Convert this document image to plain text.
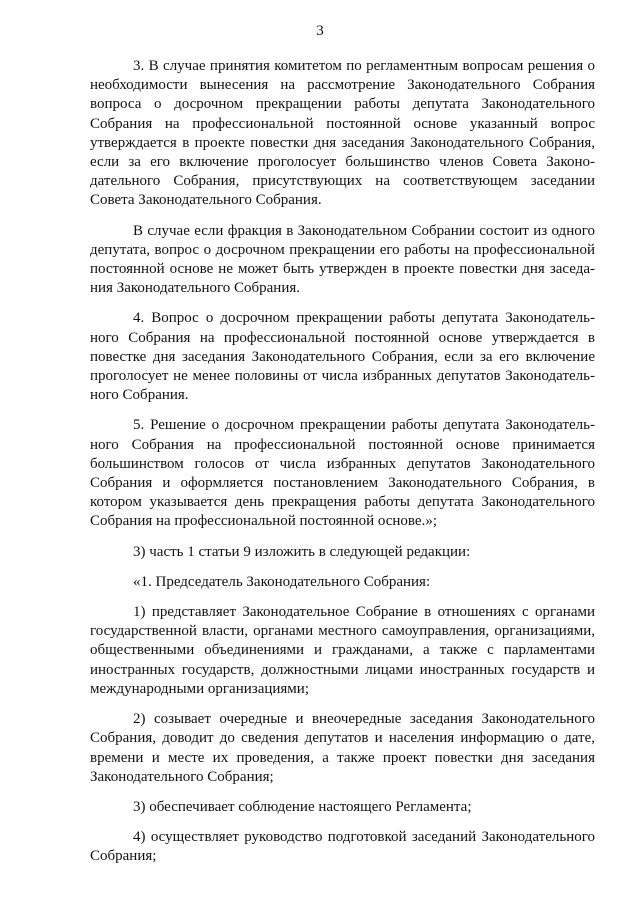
3

3. В случае принятия комитетом по регламентным вопросам решения о необходимости вынесения на рассмотрение Законодательного Собрания вопроса о досрочном прекращении работы депутата Законодательного Собрания на профессиональной постоянной основе указанный вопрос утверждается в проекте повестки дня заседания Законодательного Собрания, если за его включение проголосует большинство членов Совета Законодательного Собрания, присутствующих на соответствующем заседании Совета Законодательного Собрания.

В случае если фракция в Законодательном Собрании состоит из одного депутата, вопрос о досрочном прекращении его работы на профессиональной постоянной основе не может быть утвержден в проекте повестки дня заседания Законодательного Собрания.

4. Вопрос о досрочном прекращении работы депутата Законодательного Собрания на профессиональной постоянной основе утверждается в повестке дня заседания Законодательного Собрания, если за его включение проголосует не менее половины от числа избранных депутатов Законодательного Собрания.

5. Решение о досрочном прекращении работы депутата Законодательного Собрания на профессиональной постоянной основе принимается большинством голосов от числа избранных депутатов Законодательного Собрания и оформляется постановлением Законодательного Собрания, в котором указывается день прекращения работы депутата Законодательного Собрания на профессиональной постоянной основе.»;

3) часть 1 статьи 9 изложить в следующей редакции:

«1. Председатель Законодательного Собрания:

1) представляет Законодательное Собрание в отношениях с органами государственной власти, органами местного самоуправления, организациями, общественными объединениями и гражданами, а также с парламентами иностранных государств, должностными лицами иностранных государств и международными организациями;

2) созывает очередные и внеочередные заседания Законодательного Собрания, доводит до сведения депутатов и населения информацию о дате, времени и месте их проведения, а также проект повестки дня заседания Законодательного Собрания;

3) обеспечивает соблюдение настоящего Регламента;

4) осуществляет руководство подготовкой заседаний Законодательного Собрания;
